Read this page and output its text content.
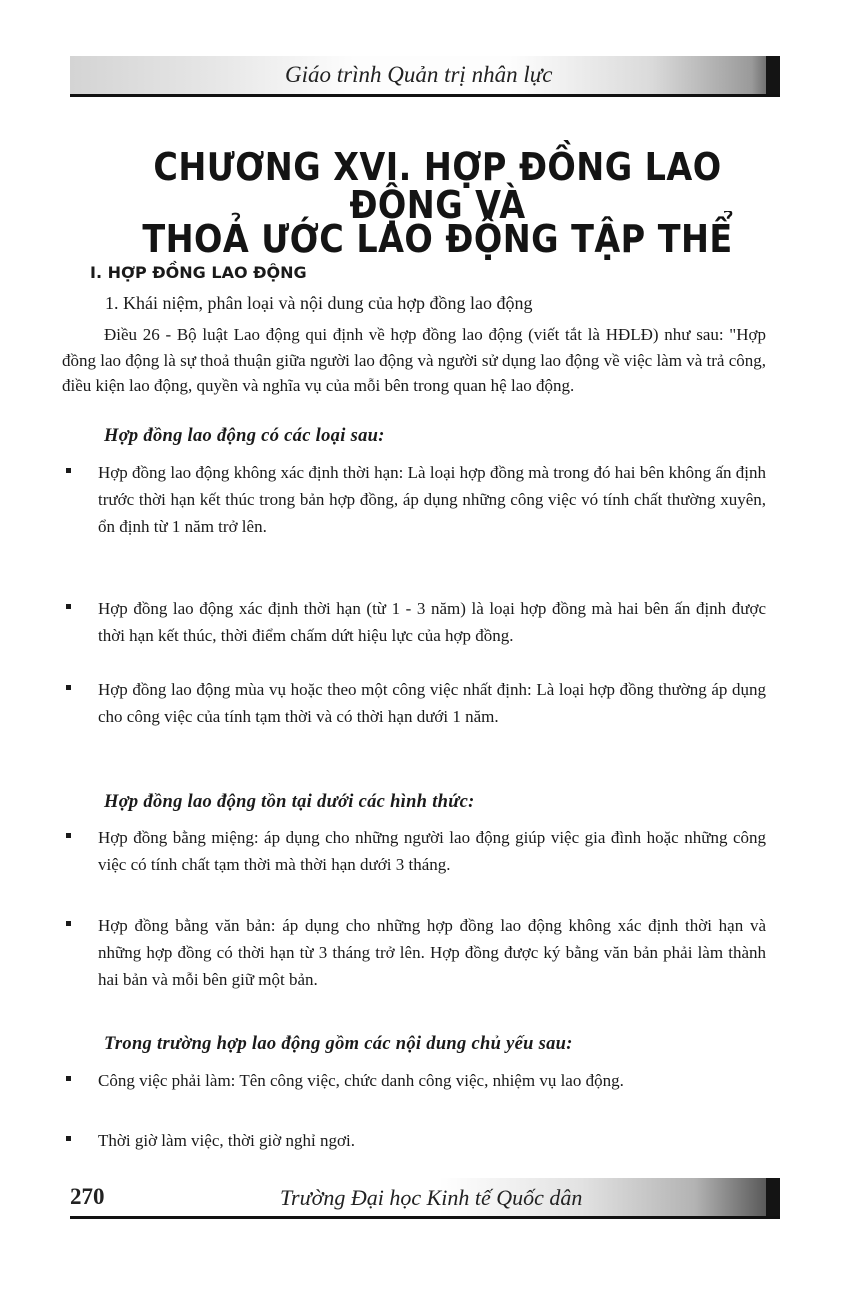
Giáo trình Quản trị nhân lực
CHƯƠNG XVI. HỢP ĐỒNG LAO ĐỘNG VÀ
THOẢ ƯỚC LAO ĐỘNG TẬP THỂ
I. HỢP ĐỒNG LAO ĐỘNG
1. Khái niệm, phân loại và nội dung của hợp đồng lao động

Điều 26 - Bộ luật Lao động qui định về hợp đồng lao động (viết tắt là HĐLĐ) như sau: "Hợp đồng lao động là sự thoả thuận giữa người lao động và người sử dụng lao động về việc làm và trả công, điều kiện lao động, quyền và nghĩa vụ của mỗi bên trong quan hệ lao động.

Hợp đồng lao động có các loại sau:

Hợp đồng lao động không xác định thời hạn: Là loại hợp đồng mà trong đó hai bên không ấn định trước thời hạn kết thúc trong bản hợp đồng, áp dụng những công việc vó tính chất thường xuyên, ổn định từ 1 năm trở lên.

Hợp đồng lao động xác định thời hạn (từ 1 - 3 năm) là loại hợp đồng mà hai bên ấn định được thời hạn kết thúc, thời điểm chấm dứt hiệu lực của hợp đồng.

Hợp đồng lao động mùa vụ hoặc theo một công việc nhất định: Là loại hợp đồng thường áp dụng cho công việc của tính tạm thời và có thời hạn dưới 1 năm.

Hợp đồng lao động tồn tại dưới các hình thức:

Hợp đồng bằng miệng: áp dụng cho những người lao động giúp việc gia đình hoặc những công việc có tính chất tạm thời mà thời hạn dưới 3 tháng.

Hợp đồng bằng văn bản: áp dụng cho những hợp đồng lao động không xác định thời hạn và những hợp đồng có thời hạn từ 3 tháng trở lên. Hợp đồng được ký bằng văn bản phải làm thành hai bản và mỗi bên giữ một bản.

Trong trường hợp lao động gồm các nội dung chủ yếu sau:

Công việc phải làm: Tên công việc, chức danh công việc, nhiệm vụ lao động.

Thời giờ làm việc, thời giờ nghỉ ngơi.

270	Trường Đại học Kinh tế Quốc dân
